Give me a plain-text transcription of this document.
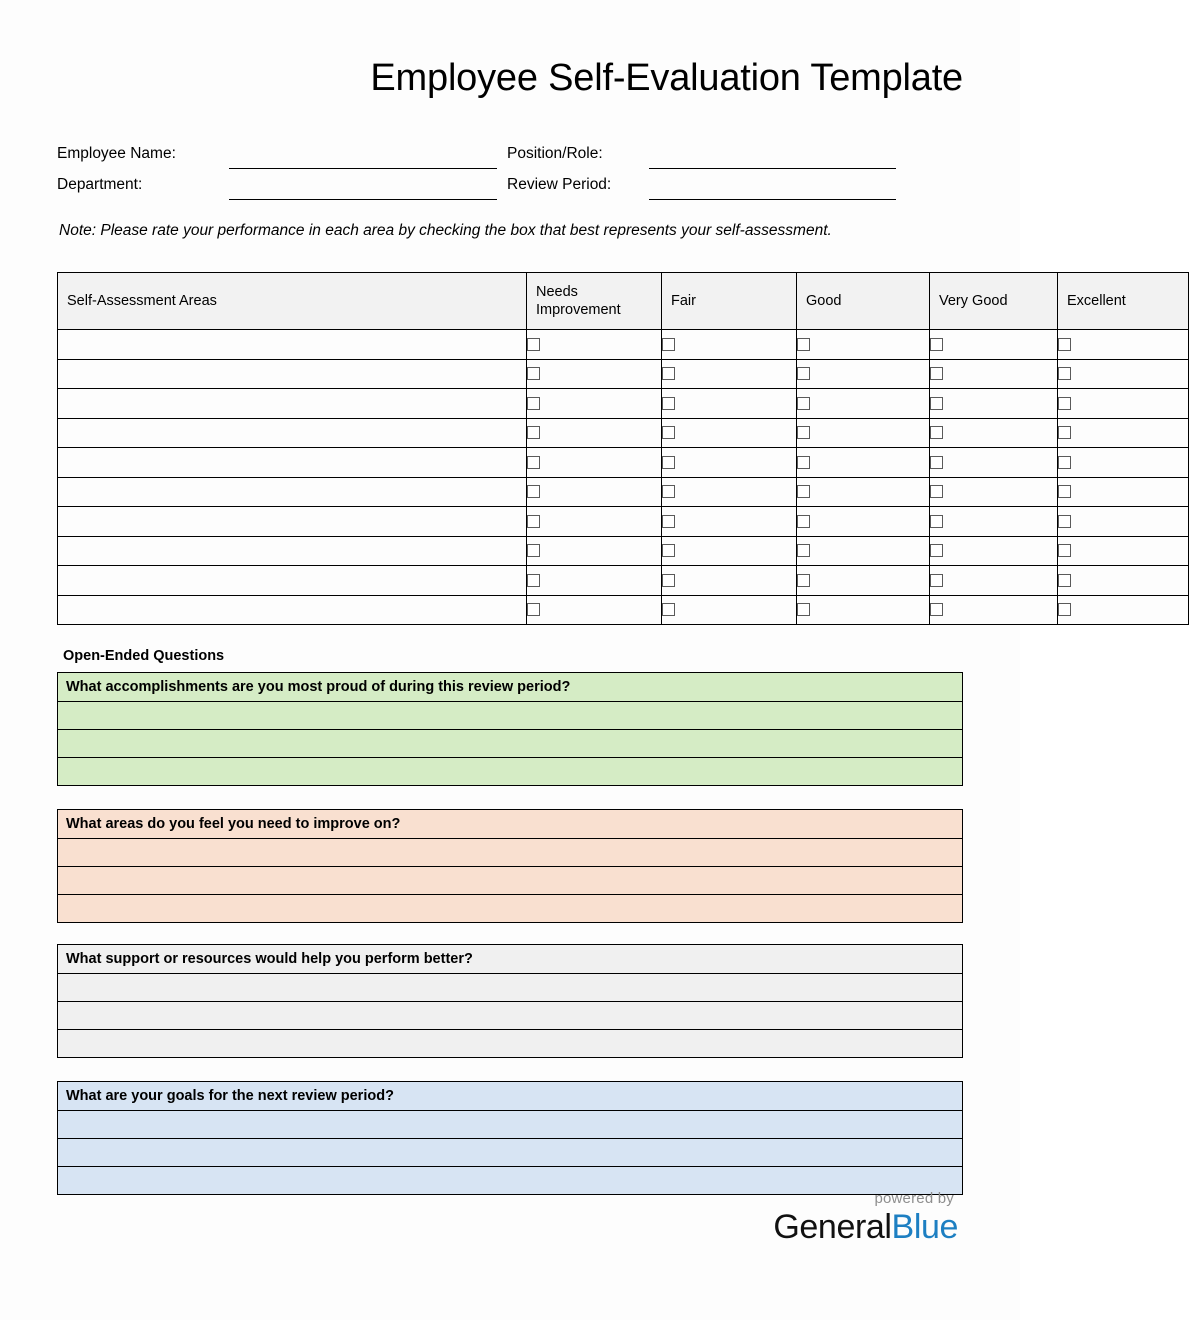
Employee Self-Evaluation Template
Employee Name:	Position/Role:
Department:	Review Period:
Note: Please rate your performance in each area by checking the box that best represents your self-assessment.
Self-Assessment Areas	Needs Improvement	Fair	Good	Very Good	Excellent

Open-Ended Questions
What accomplishments are you most proud of during this review period?

What areas do you feel you need to improve on?

What support or resources would help you perform better?

What are your goals for the next review period?

powered by
GeneralBlue
